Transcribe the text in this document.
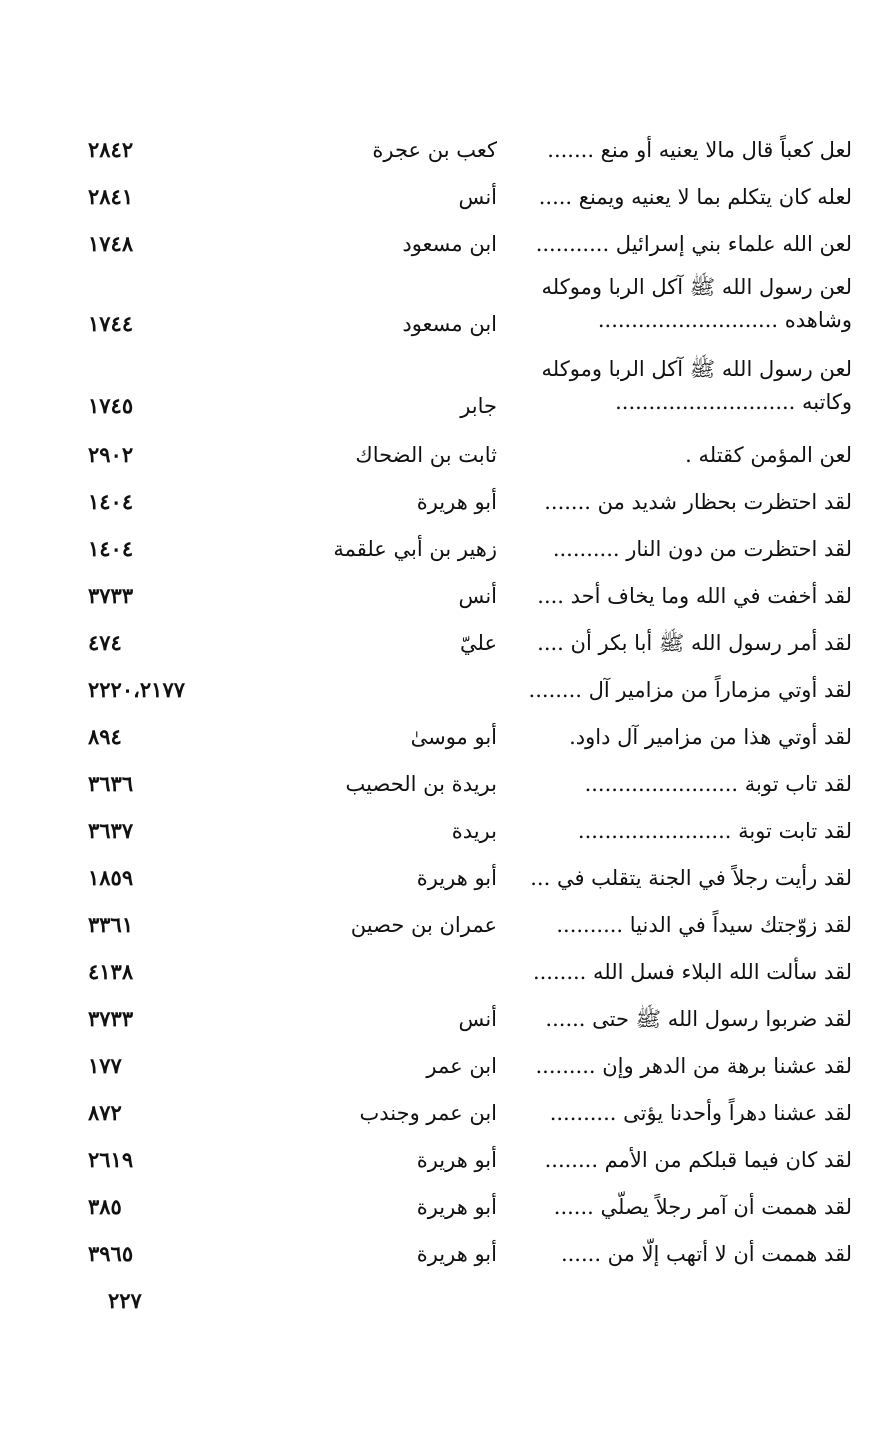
لعل كعباً قال مالا يعنيه أو منع .......
كعب بن عجرة
٢٨٤٢
لعله كان يتكلم بما لا يعنيه ويمنع .....
أنس
٢٨٤١
لعن الله علماء بني إسرائيل ...........
ابن مسعود
١٧٤٨
لعن رسول الله ﷺ آكل الربا وموكله وشاهده ...........................
ابن مسعود
١٧٤٤
لعن رسول الله ﷺ آكل الربا وموكله وكاتبه ...........................
جابر
١٧٤٥
لعن المؤمن كقتله .
ثابت بن الضحاك
٢٩٠٢
لقد احتظرت بحظار شديد من .......
أبو هريرة
١٤٠٤
لقد احتظرت من دون النار ..........
زهير بن أبي علقمة
١٤٠٤
لقد أخفت في الله وما يخاف أحد ....
أنس
٣٧٣٣
لقد أمر رسول الله ﷺ أبا بكر أن ....
عليّ
٤٧٤
لقد أوتي مزماراً من مزامير آل ........
٢٢٢٠،٢١٧٧
لقد أوتي هذا من مزامير آل داود.
أبو موسىٰ
٨٩٤
لقد تاب توبة .......................
بريدة بن الحصيب
٣٦٣٦
لقد تابت توبة .......................
بريدة
٣٦٣٧
لقد رأيت رجلاً في الجنة يتقلب في ...
أبو هريرة
١٨٥٩
لقد زوّجتك سيداً في الدنيا ..........
عمران بن حصين
٣٣٦١
لقد سألت الله البلاء فسل الله ........
٤١٣٨
لقد ضربوا رسول الله ﷺ حتى ......
أنس
٣٧٣٣
لقد عشنا برهة من الدهر وإن .........
ابن عمر
١٧٧
لقد عشنا دهراً وأحدنا يؤتى ..........
ابن عمر وجندب
٨٧٢
لقد كان فيما قبلكم من الأمم ........
أبو هريرة
٢٦١٩
لقد هممت أن آمر رجلاً يصلّي ......
أبو هريرة
٣٨٥
لقد هممت أن لا أتهب إلّا من ......
أبو هريرة
٣٩٦٥
٢٢٧
